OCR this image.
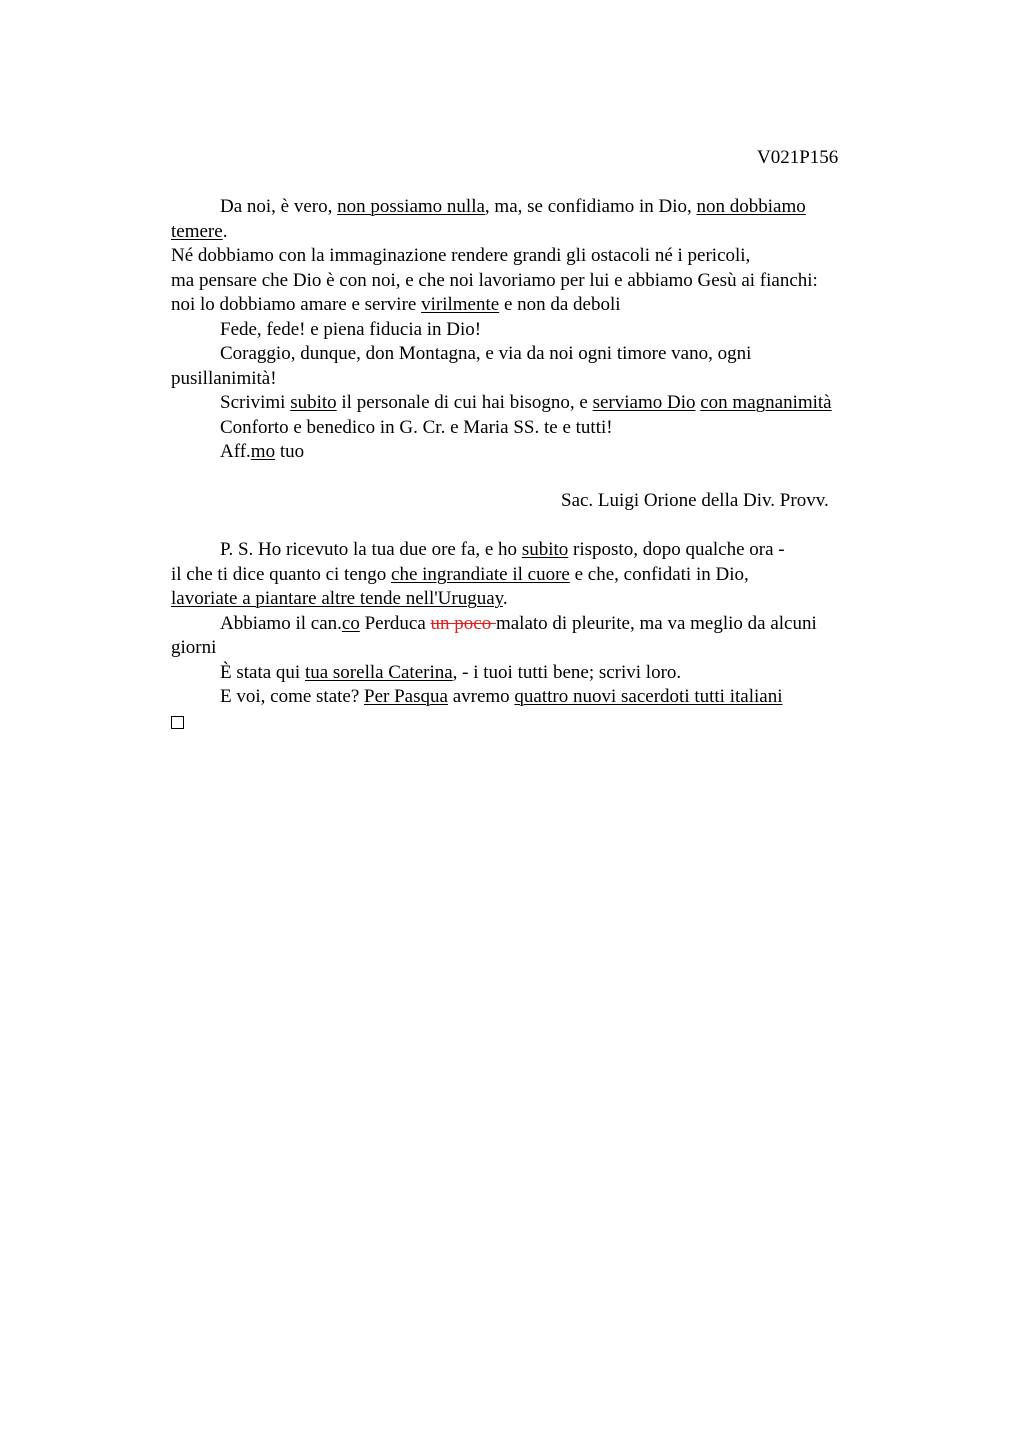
V021P156
Da noi, è vero, non possiamo nulla, ma, se confidiamo in Dio, non dobbiamo
temere.
Né dobbiamo con la immaginazione rendere grandi gli ostacoli né i pericoli,
ma pensare che Dio è con noi, e che noi lavoriamo per lui e abbiamo Gesù ai fianchi:
noi lo dobbiamo amare e servire virilmente e non da deboli
Fede, fede! e piena fiducia in Dio!
Coraggio, dunque, don Montagna, e via da noi ogni timore vano, ogni
pusillanimità!
Scrivimi subito il personale di cui hai bisogno, e serviamo Dio con magnanimità
Conforto e benedico in G. Cr. e Maria SS. te e tutti!
Aff.mo tuo
Sac. Luigi Orione della Div. Provv.
P. S. Ho ricevuto la tua due ore fa, e ho subito risposto, dopo qualche ora -
il che ti dice quanto ci tengo che ingrandiate il cuore e che, confidati in Dio,
lavoriate a piantare altre tende nell'Uruguay.
Abbiamo il can.co Perduca un poco malato di pleurite, ma va meglio da alcuni
giorni
È stata qui tua sorella Caterina, - i tuoi tutti bene; scrivi loro.
E voi, come state? Per Pasqua avremo quattro nuovi sacerdoti tutti italiani
